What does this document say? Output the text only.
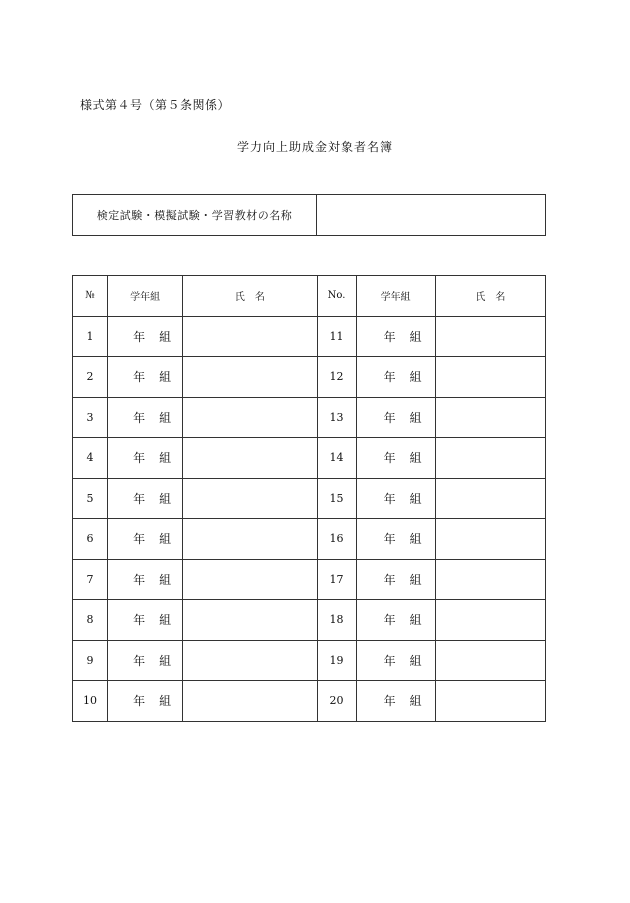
様式第４号（第５条関係）
学力向上助成金対象者名簿
検定試験・模擬試験・学習教材の名称	
№	学年組	氏　名	No.	学年組	氏　名
1	年 組		11	年 組	
2	年 組		12	年 組	
3	年 組		13	年 組	
4	年 組		14	年 組	
5	年 組		15	年 組	
6	年 組		16	年 組	
7	年 組		17	年 組	
8	年 組		18	年 組	
9	年 組		19	年 組	
10	年 組		20	年 組	
